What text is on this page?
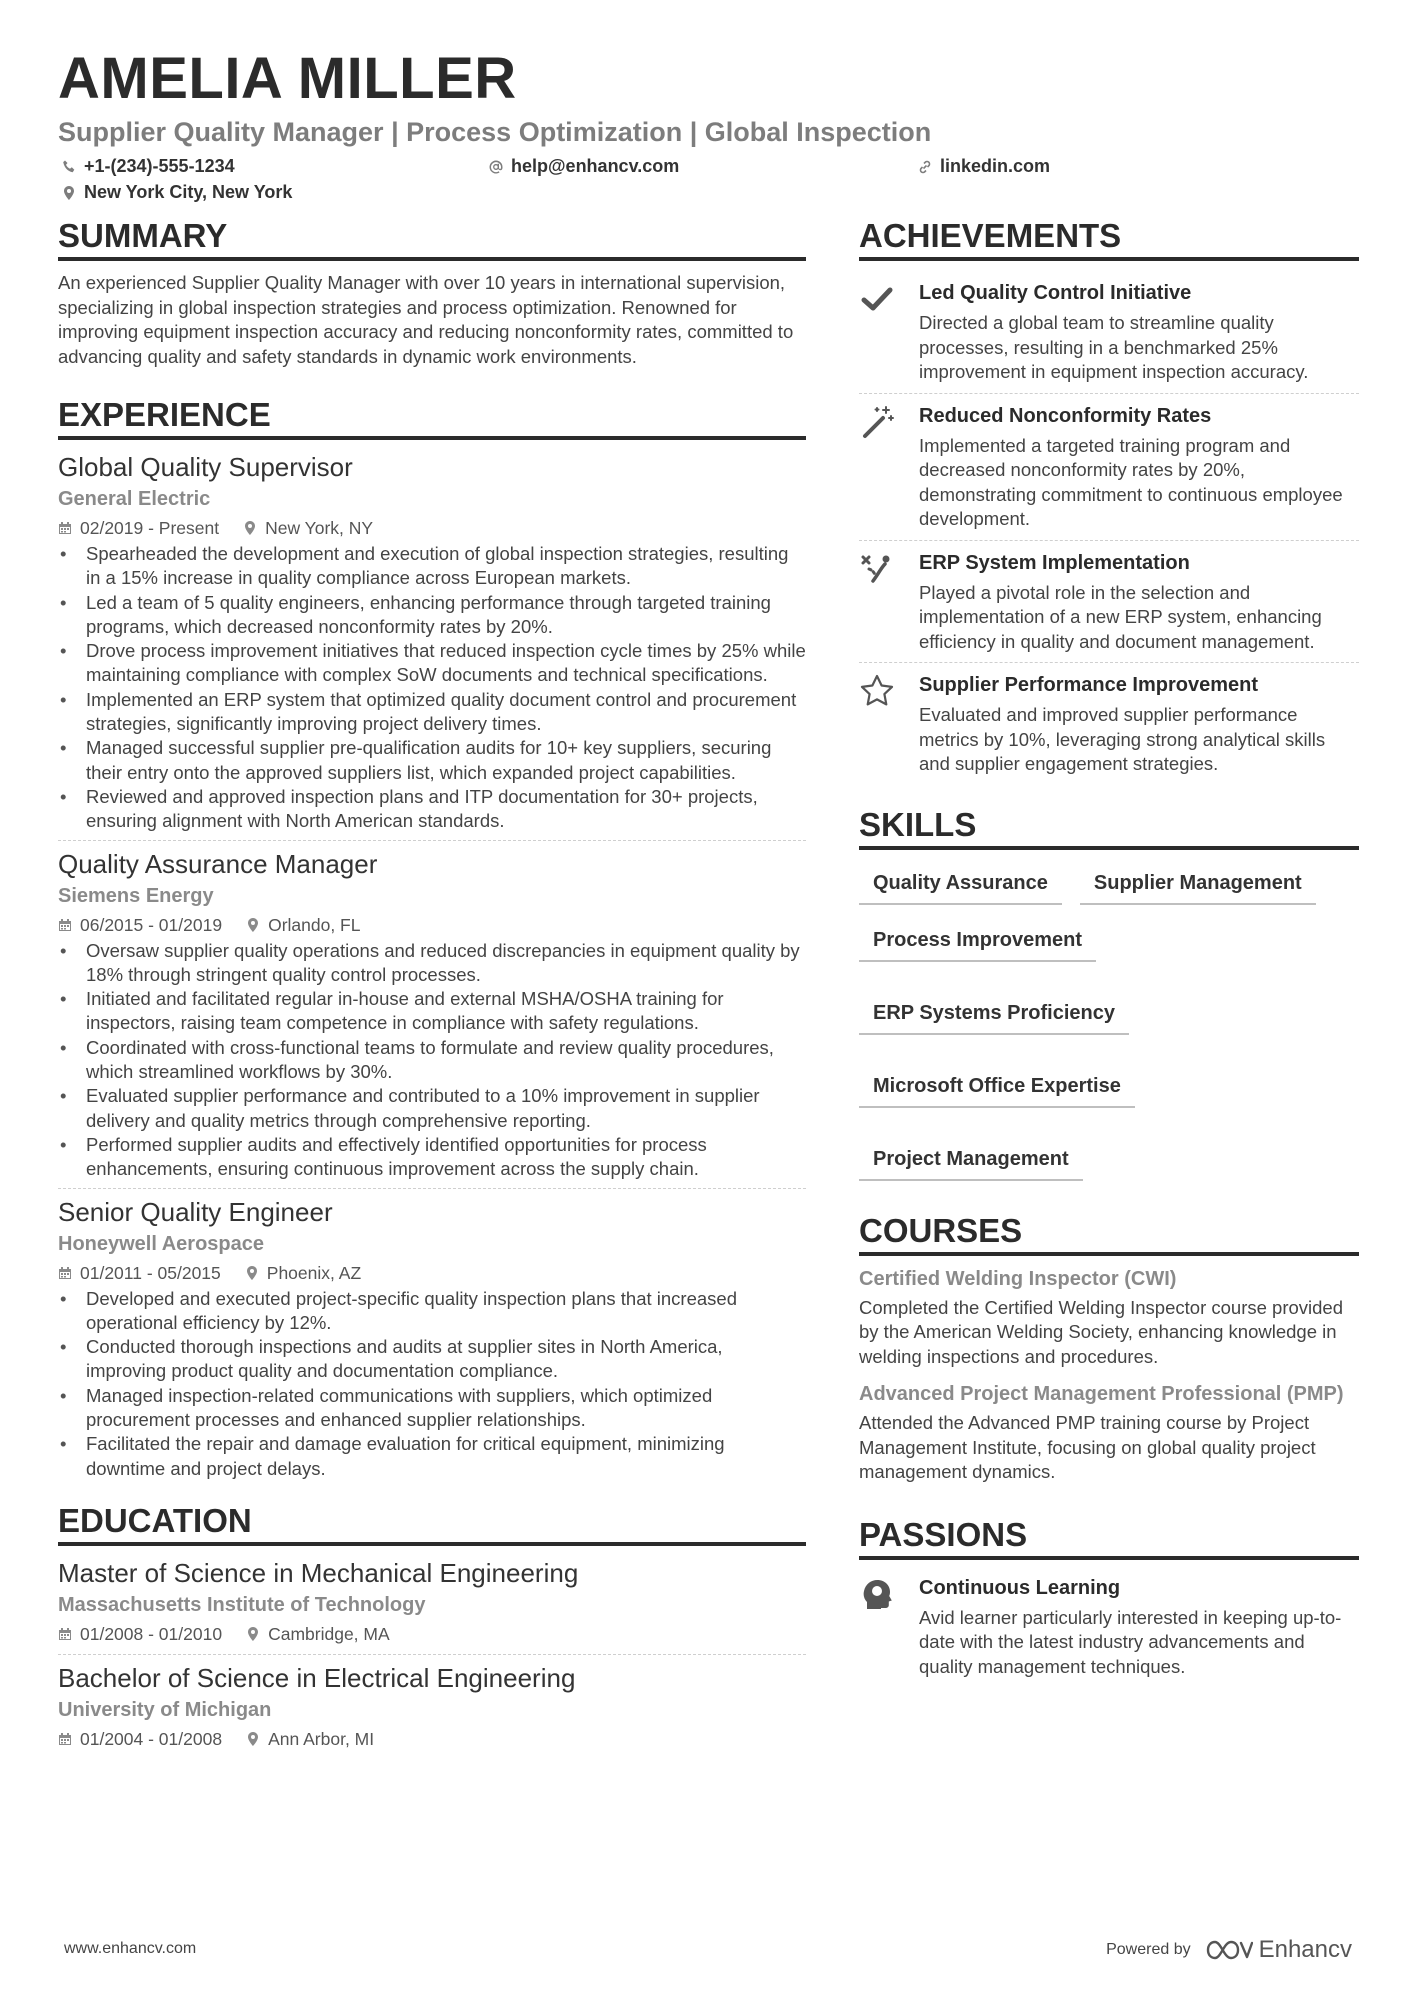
AMELIA MILLER
Supplier Quality Manager | Process Optimization | Global Inspection
+1-(234)-555-1234	help@enhancv.com	linkedin.com
New York City, New York
SUMMARY
An experienced Supplier Quality Manager with over 10 years in international supervision, specializing in global inspection strategies and process optimization. Renowned for improving equipment inspection accuracy and reducing nonconformity rates, committed to advancing quality and safety standards in dynamic work environments.
EXPERIENCE
Global Quality Supervisor
General Electric
02/2019 - Present	New York, NY
• Spearheaded the development and execution of global inspection strategies, resulting in a 15% increase in quality compliance across European markets.
• Led a team of 5 quality engineers, enhancing performance through targeted training programs, which decreased nonconformity rates by 20%.
• Drove process improvement initiatives that reduced inspection cycle times by 25% while maintaining compliance with complex SoW documents and technical specifications.
• Implemented an ERP system that optimized quality document control and procurement strategies, significantly improving project delivery times.
• Managed successful supplier pre-qualification audits for 10+ key suppliers, securing their entry onto the approved suppliers list, which expanded project capabilities.
• Reviewed and approved inspection plans and ITP documentation for 30+ projects, ensuring alignment with North American standards.
Quality Assurance Manager
Siemens Energy
06/2015 - 01/2019	Orlando, FL
• Oversaw supplier quality operations and reduced discrepancies in equipment quality by 18% through stringent quality control processes.
• Initiated and facilitated regular in-house and external MSHA/OSHA training for inspectors, raising team competence in compliance with safety regulations.
• Coordinated with cross-functional teams to formulate and review quality procedures, which streamlined workflows by 30%.
• Evaluated supplier performance and contributed to a 10% improvement in supplier delivery and quality metrics through comprehensive reporting.
• Performed supplier audits and effectively identified opportunities for process enhancements, ensuring continuous improvement across the supply chain.
Senior Quality Engineer
Honeywell Aerospace
01/2011 - 05/2015	Phoenix, AZ
• Developed and executed project-specific quality inspection plans that increased operational efficiency by 12%.
• Conducted thorough inspections and audits at supplier sites in North America, improving product quality and documentation compliance.
• Managed inspection-related communications with suppliers, which optimized procurement processes and enhanced supplier relationships.
• Facilitated the repair and damage evaluation for critical equipment, minimizing downtime and project delays.
EDUCATION
Master of Science in Mechanical Engineering
Massachusetts Institute of Technology
01/2008 - 01/2010	Cambridge, MA
Bachelor of Science in Electrical Engineering
University of Michigan
01/2004 - 01/2008	Ann Arbor, MI
ACHIEVEMENTS
Led Quality Control Initiative
Directed a global team to streamline quality processes, resulting in a benchmarked 25% improvement in equipment inspection accuracy.
Reduced Nonconformity Rates
Implemented a targeted training program and decreased nonconformity rates by 20%, demonstrating commitment to continuous employee development.
ERP System Implementation
Played a pivotal role in the selection and implementation of a new ERP system, enhancing efficiency in quality and document management.
Supplier Performance Improvement
Evaluated and improved supplier performance metrics by 10%, leveraging strong analytical skills and supplier engagement strategies.
SKILLS
Quality Assurance	Supplier Management
Process Improvement
ERP Systems Proficiency
Microsoft Office Expertise
Project Management
COURSES
Certified Welding Inspector (CWI)
Completed the Certified Welding Inspector course provided by the American Welding Society, enhancing knowledge in welding inspections and procedures.
Advanced Project Management Professional (PMP)
Attended the Advanced PMP training course by Project Management Institute, focusing on global quality project management dynamics.
PASSIONS
Continuous Learning
Avid learner particularly interested in keeping up-to-date with the latest industry advancements and quality management techniques.
www.enhancv.com	Powered by	Enhancv
